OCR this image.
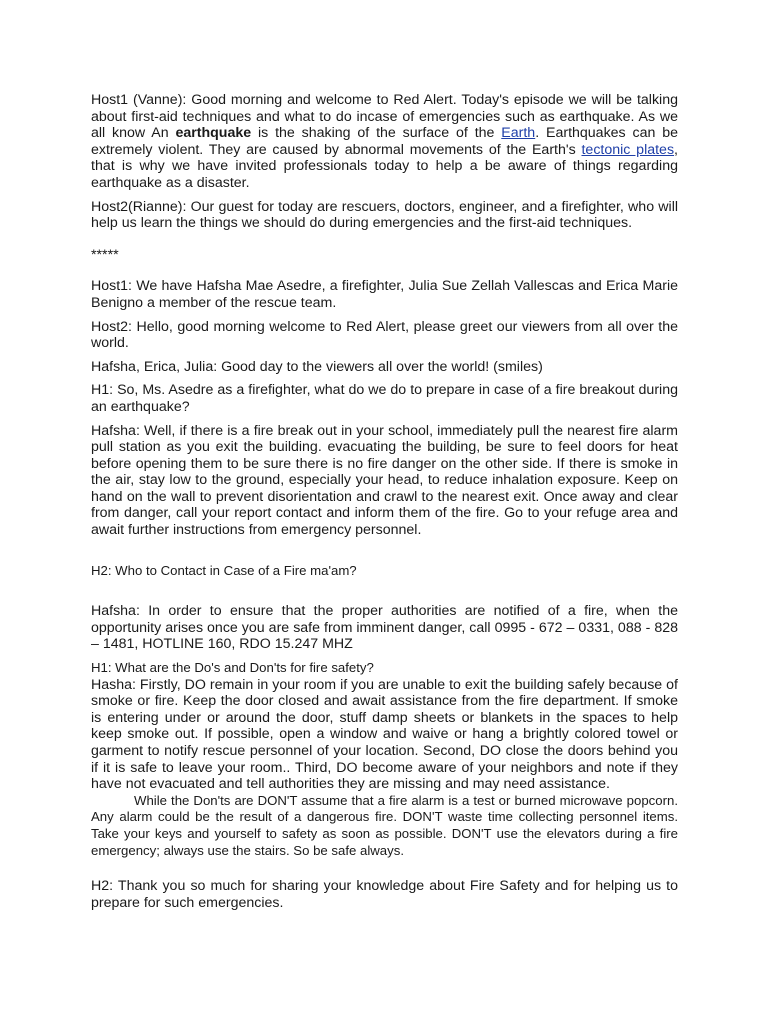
Host1 (Vanne): Good morning and welcome to Red Alert. Today's episode we will be talking about first-aid techniques and what to do incase of emergencies such as earthquake. As we all know An earthquake is the shaking of the surface of the Earth. Earthquakes can be extremely violent. They are caused by abnormal movements of the Earth's tectonic plates, that is why we have invited professionals today to help a be aware of things regarding earthquake as a disaster.

Host2(Rianne): Our guest for today are rescuers, doctors, engineer, and a firefighter, who will help us learn the things we should do during emergencies and the first-aid techniques.

*****

Host1: We have Hafsha Mae Asedre, a firefighter, Julia Sue Zellah Vallescas and Erica Marie Benigno a member of the rescue team.

Host2: Hello, good morning welcome to Red Alert, please greet our viewers from all over the world.

Hafsha, Erica, Julia: Good day to the viewers all over the world! (smiles)

H1: So, Ms. Asedre as a firefighter, what do we do to prepare in case of a fire breakout during an earthquake?

Hafsha: Well, if there is a fire break out in your school, immediately pull the nearest fire alarm pull station as you exit the building. evacuating the building, be sure to feel doors for heat before opening them to be sure there is no fire danger on the other side. If there is smoke in the air, stay low to the ground, especially your head, to reduce inhalation exposure. Keep on hand on the wall to prevent disorientation and crawl to the nearest exit. Once away and clear from danger, call your report contact and inform them of the fire. Go to your refuge area and await further instructions from emergency personnel.

H2: Who to Contact in Case of a Fire ma'am?

Hafsha: In order to ensure that the proper authorities are notified of a fire, when the opportunity arises once you are safe from imminent danger, call 0995 - 672 – 0331, 088 - 828 – 1481, HOTLINE 160, RDO 15.247 MHZ

H1: What are the Do's and Don'ts for fire safety?

Hasha: Firstly, DO remain in your room if you are unable to exit the building safely because of smoke or fire. Keep the door closed and await assistance from the fire department. If smoke is entering under or around the door, stuff damp sheets or blankets in the spaces to help keep smoke out. If possible, open a window and waive or hang a brightly colored towel or garment to notify rescue personnel of your location. Second, DO close the doors behind you if it is safe to leave your room.. Third, DO become aware of your neighbors and note if they have not evacuated and tell authorities they are missing and may need assistance.

While the Don'ts are DON'T assume that a fire alarm is a test or burned microwave popcorn. Any alarm could be the result of a dangerous fire. DON'T waste time collecting personnel items. Take your keys and yourself to safety as soon as possible. DON'T use the elevators during a fire emergency; always use the stairs. So be safe always.

H2: Thank you so much for sharing your knowledge about Fire Safety and for helping us to prepare for such emergencies.
